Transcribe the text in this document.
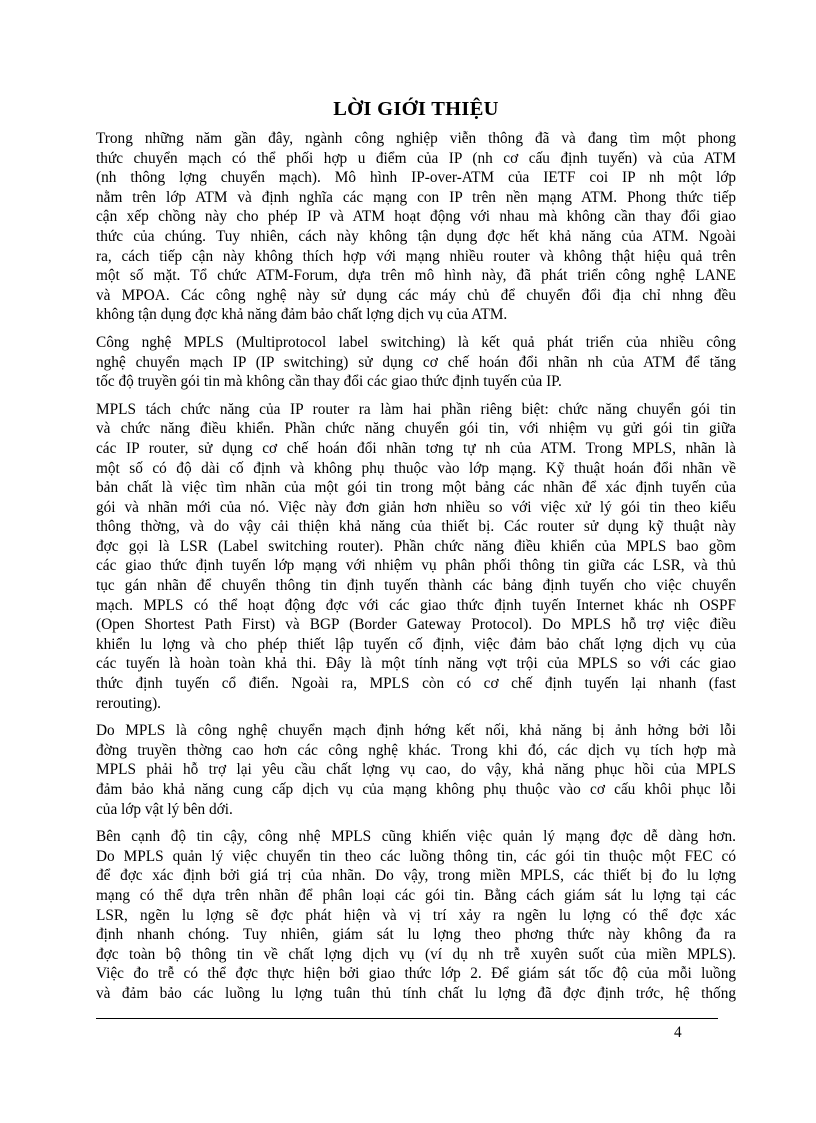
LỜI GIỚI THIỆU

Trong những năm gần đây, ngành công nghiệp viễn thông đã và đang tìm một phong
thức chuyển mạch có thể phối hợp u điểm của IP (nh cơ cấu định tuyến) và của ATM
(nh thông lợng chuyển mạch). Mô hình IP-over-ATM của IETF coi IP nh một lớp
nằm trên lớp ATM và định nghĩa các mạng con IP trên nền mạng ATM. Phong thức tiếp
cận xếp chồng này cho phép IP và ATM hoạt động với nhau mà không cần thay đổi giao
thức của chúng. Tuy nhiên, cách này không tận dụng đợc hết khả năng của ATM. Ngoài
ra, cách tiếp cận này không thích hợp với mạng nhiều router và không thật hiệu quả trên
một số mặt. Tổ chức ATM-Forum, dựa trên mô hình này, đã phát triển công nghệ LANE
và MPOA. Các công nghệ này sử dụng các máy chủ để chuyển đổi địa chỉ nhng đều
không tận dụng đợc khả năng đảm bảo chất lợng dịch vụ của ATM.

Công nghệ MPLS (Multiprotocol label switching) là kết quả phát triển của nhiều công
nghệ chuyển mạch IP (IP switching) sử dụng cơ chế hoán đổi nhãn nh của ATM để tăng
tốc độ truyền gói tin mà không cần thay đổi các giao thức định tuyến của IP.

MPLS tách chức năng của IP router ra làm hai phần riêng biệt: chức năng chuyển gói tin
và chức năng điều khiển. Phần chức năng chuyển gói tin, với nhiệm vụ gửi gói tin giữa
các IP router, sử dụng cơ chế hoán đổi nhãn tơng tự nh của ATM. Trong MPLS, nhãn là
một số có độ dài cố định và không phụ thuộc vào lớp mạng. Kỹ thuật hoán đổi nhãn về
bản chất là việc tìm nhãn của một gói tin trong một bảng các nhãn để xác định tuyến của
gói và nhãn mới của nó. Việc này đơn giản hơn nhiều so với việc xử lý gói tin theo kiểu
thông thờng, và do vậy cải thiện khả năng của thiết bị. Các router sử dụng kỹ thuật này
đợc gọi là LSR (Label switching router). Phần chức năng điều khiển của MPLS bao gồm
các giao thức định tuyến lớp mạng với nhiệm vụ phân phối thông tin giữa các LSR, và thủ
tục gán nhãn để chuyển thông tin định tuyến thành các bảng định tuyến cho việc chuyển
mạch. MPLS có thể hoạt động đợc với các giao thức định tuyến Internet khác nh OSPF
(Open Shortest Path First) và BGP (Border Gateway Protocol). Do MPLS hỗ trợ việc điều
khiển lu lợng và cho phép thiết lập tuyến cố định, việc đảm bảo chất lợng dịch vụ của
các tuyến là hoàn toàn khả thi. Đây là một tính năng vợt trội của MPLS so với các giao
thức định tuyến cổ điển. Ngoài ra, MPLS còn có cơ chế định tuyến lại nhanh (fast
rerouting).

Do MPLS là công nghệ chuyển mạch định hớng kết nối, khả năng bị ảnh hởng bởi lỗi
đờng truyền thờng cao hơn các công nghệ khác. Trong khi đó, các dịch vụ tích hợp mà
MPLS phải hỗ trợ lại yêu cầu chất lợng vụ cao, do vậy, khả năng phục hồi của MPLS
đảm bảo khả năng cung cấp dịch vụ của mạng không phụ thuộc vào cơ cấu khôi phục lỗi
của lớp vật lý bên dới.

Bên cạnh độ tin cậy, công nhệ MPLS cũng khiến việc quản lý mạng đợc dễ dàng hơn.
Do MPLS quản lý việc chuyển tin theo các luồng thông tin, các gói tin thuộc một FEC có
để đợc xác định bởi giá trị của nhãn. Do vậy, trong miền MPLS, các thiết bị đo lu lợng
mạng có thể dựa trên nhãn để phân loại các gói tin. Bằng cách giám sát lu lợng tại các
LSR, ngẽn lu lợng sẽ đợc phát hiện và vị trí xảy ra ngẽn lu lợng có thể đợc xác
định nhanh chóng. Tuy nhiên, giám sát lu lợng theo phơng thức này không đa ra
đợc toàn bộ thông tin về chất lợng dịch vụ (ví dụ nh trễ xuyên suốt của miền MPLS).
Việc đo trễ có thể đợc thực hiện bởi giao thức lớp 2. Để giám sát tốc độ của mỗi luồng
và đảm bảo các luồng lu lợng tuân thủ tính chất lu lợng đã đợc định trớc, hệ thống

4
